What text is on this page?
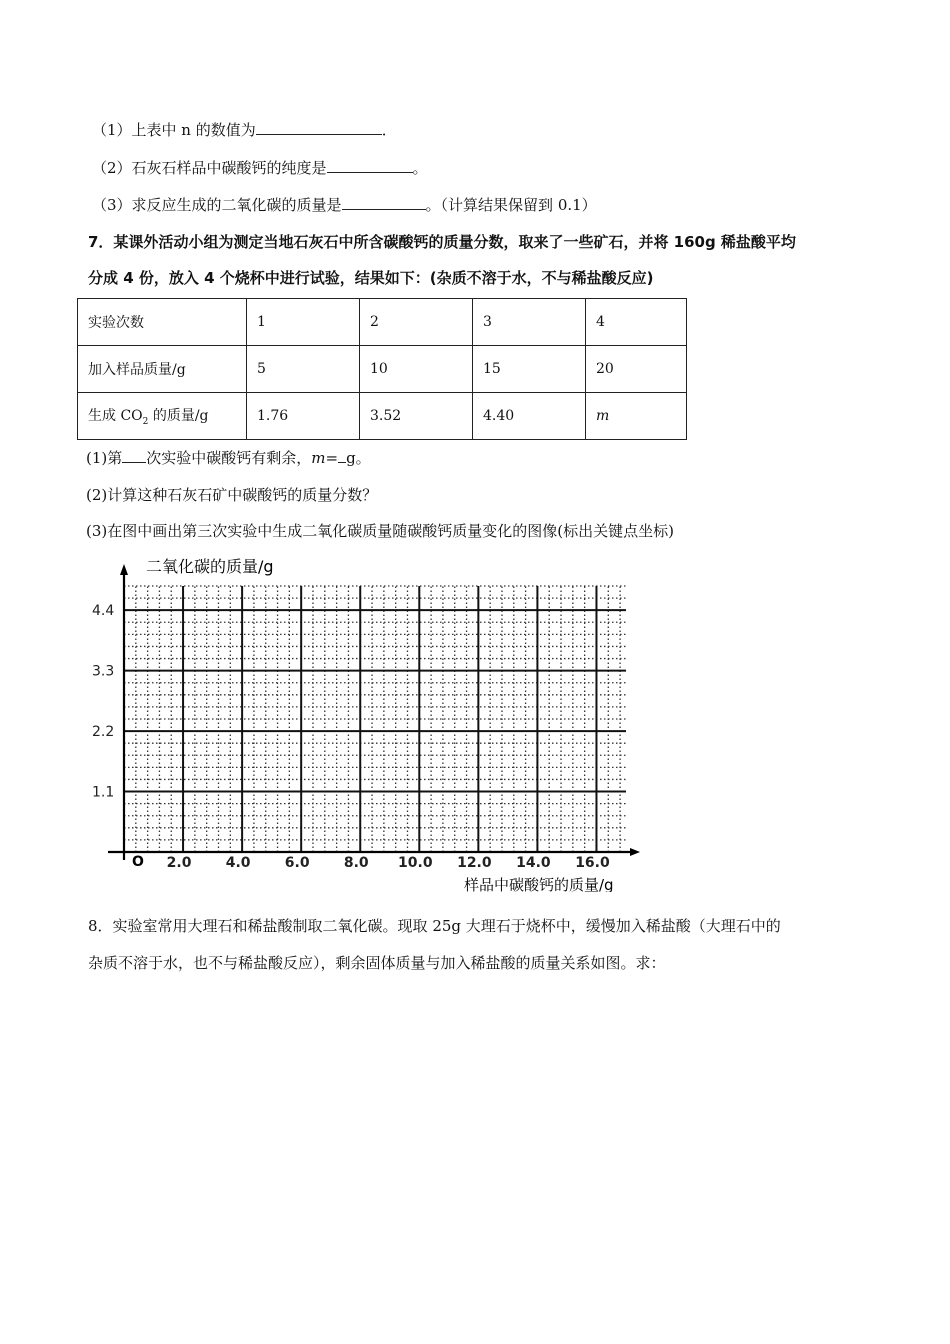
（1）上表中 n 的数值为	．
（2）石灰石样品中碳酸钙的纯度是	。
（3）求反应生成的二氧化碳的质量是	。（计算结果保留到 0.1）
7．某课外活动小组为测定当地石灰石中所含碳酸钙的质量分数，取来了一些矿石，并将 160g 稀盐酸平均
分成 4 份，放入 4 个烧杯中进行试验，结果如下：(杂质不溶于水，不与稀盐酸反应)
实验次数	1	2	3	4
加入样品质量/g	5	10	15	20
生成 $CO_2$ 的质量/g	1.76	3.52	4.40	m
(1)第 次实验中碳酸钙有剩余，m= g。
(2)计算这种石灰石矿中碳酸钙的质量分数？
(3)在图中画出第三次实验中生成二氧化碳质量随碳酸钙质量变化的图像(标出关键点坐标)
2.0 4.0 6.0 8.0 10.0 12.0 14.0 16.0
1.1
2.2
3.3
4.4
二氧化碳的质量/g
样品中碳酸钙的质量/g
O
8．实验室常用大理石和稀盐酸制取二氧化碳。现取 25g 大理石于烧杯中，缓慢加入稀盐酸（大理石中的
杂质不溶于水，也不与稀盐酸反应），剩余固体质量与加入稀盐酸的质量关系如图。求：
